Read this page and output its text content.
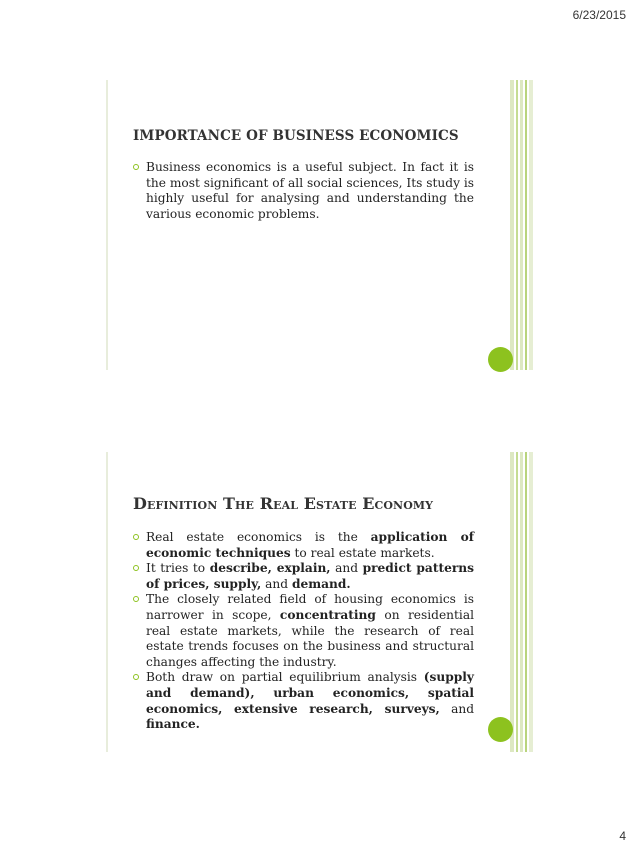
6/23/2015
IMPORTANCE OF BUSINESS ECONOMICS
Business economics is a useful subject. In fact it is the most significant of all social sciences, Its study is highly useful for analysing and understanding the various economic problems.
Definition The Real Estate Economy
Real estate economics is the application of economic techniques to real estate markets.
It tries to describe, explain, and predict patterns of prices, supply, and demand.
The closely related field of housing economics is narrower in scope, concentrating on residential real estate markets, while the research of real estate trends focuses on the business and structural changes affecting the industry.
Both draw on partial equilibrium analysis (supply and demand), urban economics, spatial economics, extensive research, surveys, and finance.
4
